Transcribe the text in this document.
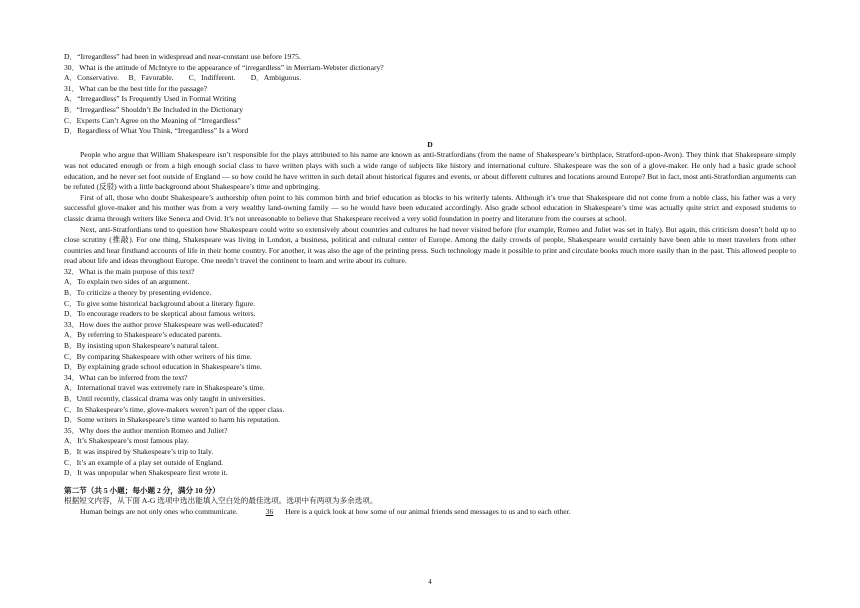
D．“Irregardless” had been in widespread and near-constant use before 1975.
30．What is the attitude of McIntyre to the appearance of “irregardless” in Merriam-Webster dictionary?
A．Conservative.     B．Favorable.        C．Indifferent.        D．Ambiguous.
31．What can be the best title for the passage?
A．“Irregardless” Is Frequently Used in Formal Writing
B．“Irregardless” Shouldn’t Be Included in the Dictionary
C．Experts Can’t Agree on the Meaning of “Irregardless”
D．Regardless of What You Think, “Irregardless” Is a Word
D
People who argue that William Shakespeare isn’t responsible for the plays attributed to his name are known as anti-Stratfordians (from the name of Shakespeare’s birthplace, Stratford-upon-Avon). They think that Shakespeare simply was not educated enough or from a high enough social class to have written plays with such a wide range of subjects like history and international culture. Shakespeare was the son of a glove-maker. He only had a basic grade school education, and he never set foot outside of England — so how could he have written in such detail about historical figures and events, or about different cultures and locations around Europe? But in fact, most anti-Stratfordian arguments can be refuted (反驳) with a little background about Shakespeare’s time and upbringing.
First of all, those who doubt Shakespeare’s authorship often point to his common birth and brief education as blocks to his writerly talents. Although it’s true that Shakespeare did not come from a noble class, his father was a very successful glove-maker and his mother was from a very wealthy land-owning family — so he would have been educated accordingly. Also grade school education in Shakespeare’s time was actually quite strict and exposed students to classic drama through writers like Seneca and Ovid. It’s not unreasonable to believe that Shakespeare received a very solid foundation in poetry and literature from the courses at school.
Next, anti-Stratfordians tend to question how Shakespeare could write so extensively about countries and cultures he had never visited before (for example, Romeo and Juliet was set in Italy). But again, this criticism doesn’t hold up to close scrutiny (推敲). For one thing, Shakespeare was living in London, a business, political and cultural center of Europe. Among the daily crowds of people, Shakespeare would certainly have been able to meet travelers from other countries and hear firsthand accounts of life in their home country. For another, it was also the age of the printing press. Such technology made it possible to print and circulate books much more easily than in the past. This allowed people to read about life and ideas throughout Europe. One needn’t travel the continent to learn and write about its culture.
32．What is the main purpose of this text?
A．To explain two sides of an argument.
B．To criticize a theory by presenting evidence.
C．To give some historical background about a literary figure.
D．To encourage readers to be skeptical about famous writers.
33．How does the author prove Shakespeare was well-educated?
A．By referring to Shakespeare’s educated parents.
B．By insisting upon Shakespeare’s natural talent.
C．By comparing Shakespeare with other writers of his time.
D．By explaining grade school education in Shakespeare’s time.
34．What can be inferred from the text?
A．International travel was extremely rare in Shakespeare’s time.
B．Until recently, classical drama was only taught in universities.
C．In Shakespeare’s time, glove-makers weren’t part of the upper class.
D．Some writers in Shakespeare’s time wanted to harm his reputation.
35．Why does the author mention Romeo and Juliet?
A．It’s Shakespeare’s most famous play.
B．It was inspired by Shakespeare’s trip to Italy.
C．It’s an example of a play set outside of England.
D．It was unpopular when Shakespeare first wrote it.
第二节（共 5 小题；每小题 2 分，满分 10 分）
根据短文内容，从下面 A-G 选项中选出能填入空白处的最佳选项。选项中有两项为多余选项。
Human beings are not only ones who communicate.	36 Here is a quick look at how some of our animal friends send messages to us and to each other.
4
